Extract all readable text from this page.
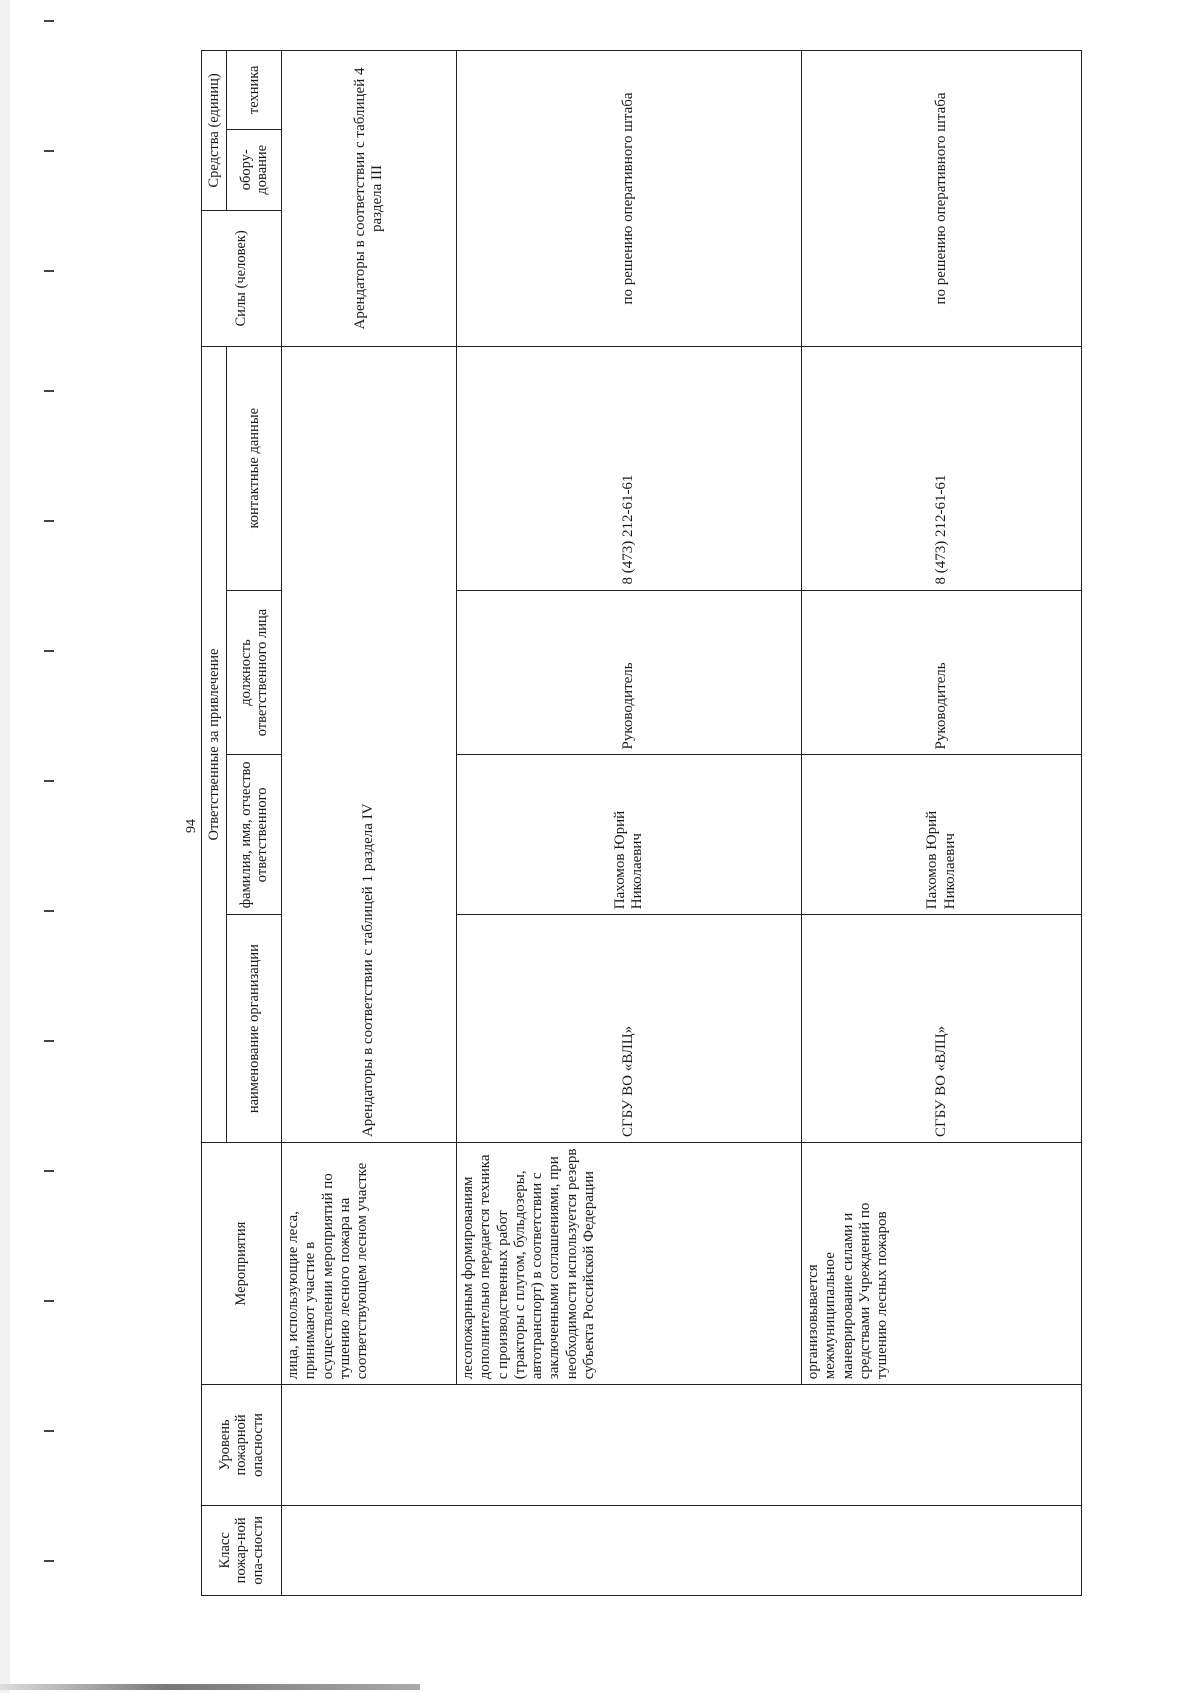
94
Класс пожар-ной опа-сности	Уровень пожарной опасности	Мероприятия	Ответственные за привлечение				Силы (человек)	Средства (единиц)	
			наименование организации	фамилия, имя, отчество ответственного	должность ответственного лица	контактные данные		обору-дование	техника
		лица, использующие леса, принимают участие в осуществлении мероприятий по тушению лесного пожара на соответствующем лесном участке	Арендаторы в соответствии с таблицей 1 раздела IV				Арендаторы в соответствии с таблицей 4 раздела III		
		лесопожарным формированиям дополнительно передается техника с производственных работ (тракторы с плугом, бульдозеры, автотранспорт) в соответствии с заключенными соглашениями, при необходимости используется резерв субъекта Российской Федерации	СГБУ ВО «ВЛЦ»	Пахомов Юрий Николаевич	Руководитель	8 (473) 212-61-61	по решению оперативного штаба		
		организовывается межмуниципальное маневрирование силами и средствами Учреждений по тушению лесных пожаров	СГБУ ВО «ВЛЦ»	Пахомов Юрий Николаевич	Руководитель	8 (473) 212-61-61	по решению оперативного штаба		
